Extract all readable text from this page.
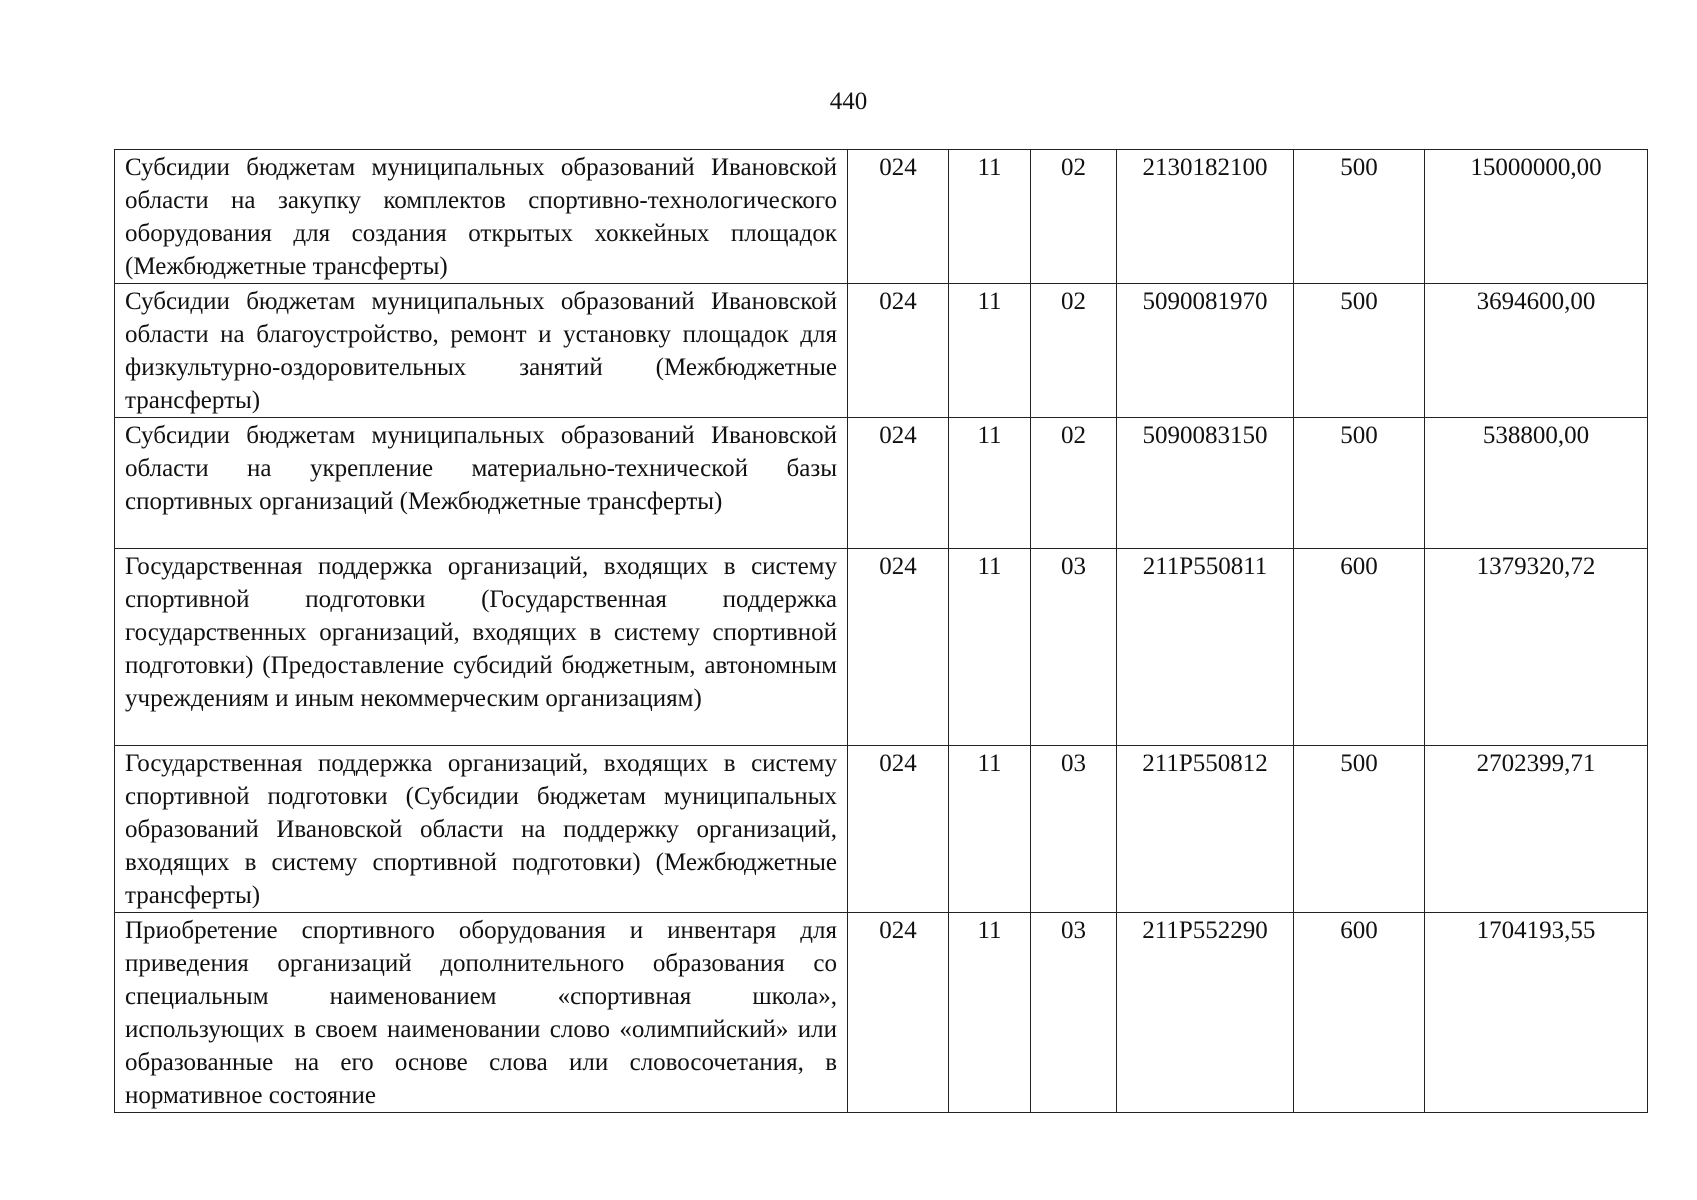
440
Субсидии бюджетам муниципальных образований Ивановской области на закупку комплектов спортивно-технологического оборудования для создания открытых хоккейных площадок (Межбюджетные трансферты)	024	11	02	2130182100	500	15000000,00
Субсидии бюджетам муниципальных образований Ивановской области на благоустройство, ремонт и установку площадок для физкультурно-оздоровительных занятий (Межбюджетные трансферты)	024	11	02	5090081970	500	3694600,00
Субсидии бюджетам муниципальных образований Ивановской области на укрепление материально-технической базы спортивных организаций (Межбюджетные трансферты)	024	11	02	5090083150	500	538800,00
Государственная поддержка организаций, входящих в систему спортивной подготовки (Государственная поддержка государственных организаций, входящих в систему спортивной подготовки) (Предоставление субсидий бюджетным, автономным учреждениям и иным некоммерческим организациям)	024	11	03	211P550811	600	1379320,72
Государственная поддержка организаций, входящих в систему спортивной подготовки (Субсидии бюджетам муниципальных образований Ивановской области на поддержку организаций, входящих в систему спортивной подготовки) (Межбюджетные трансферты)	024	11	03	211P550812	500	2702399,71
Приобретение спортивного оборудования и инвентаря для приведения организаций дополнительного образования со специальным наименованием «спортивная школа», использующих в своем наименовании слово «олимпийский» или образованные на его основе слова или словосочетания, в нормативное состояние	024	11	03	211P552290	600	1704193,55
